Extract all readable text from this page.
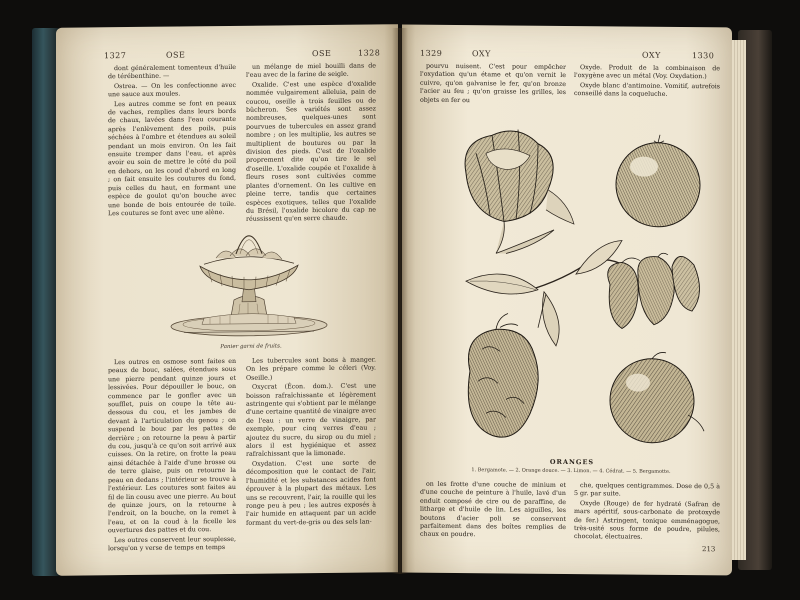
1327	OSE	OSE	1328

dont généralement tomenteux d'huile de térébenthine. —

Ostrea. — On les confectionne avec une sauce aux moules.

Les autres comme se font en peaux de vaches, remplies dans leurs bords de chaux, lavées dans l'eau courante après l'enlèvement des poils, puis séchées à l'ombre et étendues au soleil pendant un mois environ. On les fait ensuite tremper dans l'eau, et après avoir eu soin de mettre le côté du poil en dehors, on les coud d'abord en long ; on fait ensuite les coutures du fond, puis celles du haut, en formant une espèce de goulot qu'on bouche avec une bonde de bois entourée de toile. Les coutures se font avec une alène.

un mélange de miel bouilli dans de l'eau avec de la farine de seigle.

Oxalide. C'est une espèce d'oxalide nommée vulgairement alleluia, pain de coucou, oseille à trois feuilles ou de bûcheron. Ses variétés sont assez nombreuses, quelques-unes sont pourvues de tubercules en assez grand nombre ; on les multiplie, les autres se multiplient de boutures ou par la division des pieds. C'est de l'oxalide proprement dite qu'on tire le sel d'oseille. L'oxalide coupée et l'oxalide à fleurs roses sont cultivées comme plantes d'ornement. On les cultive en pleine terre, tandis que certaines espèces exotiques, telles que l'oxalide du Brésil, l'oxalide bicolore du cap ne réussissent qu'en serre chaude.

Panier garni de fruits.

Les outres en osmose sont faites en peaux de bouc, salées, étendues sous une pierre pendant quinze jours et lessivées. Pour dépouiller le bouc, on commence par le gonfler avec un soufflet, puis on coupe la tête au-dessous du cou, et les jambes de devant à l'articulation du genou ; on suspend le bouc par les pattes de derrière ; on retourne la peau à partir du cou, jusqu'à ce qu'on soit arrivé aux cuisses. On la retire, on frotte la peau ainsi détachée à l'aide d'une brosse ou de terre glaise, puis on retourne la peau en dedans ; l'intérieur se trouve à l'extérieur. Les coutures sont faites au fil de lin cousu avec une pierre. Au bout de quinze jours, on la retourne à l'endroit, on la bouche, on la remet à l'eau, et on la coud à la ficelle les ouvertures des pattes et du cou.

Les outres conservent leur souplesse, lorsqu'on y verse de temps en temps

Les tubercules sont bons à manger. On les prépare comme le céleri (Voy. Oseille.)

Oxycrat (Écon. dom.). C'est une boisson rafraîchissante et légèrement astringente qui s'obtient par le mélange d'une certaine quantité de vinaigre avec de l'eau : un verre de vinaigre, par exemple, pour cinq verres d'eau ; ajoutez du sucre, du sirop ou du miel ; alors il est hygiénique et assez rafraîchissant que la limonade.

Oxydation. C'est une sorte de décomposition que le contact de l'air, l'humidité et les substances acides font éprouver à la plupart des métaux. Les uns se recouvrent, l'air, la rouille qui les ronge peu à peu ; les autres exposés à l'air humide en attaquent par un acide formant du vert-de-gris ou des sels lan-

1329	OXY	OXY	1330

pourvu nuisent. C'est pour empêcher l'oxydation qu'un étame et qu'on vernit le cuivre, qu'on galvanise le fer, qu'on bronze l'acier au feu ; qu'on graisse les grilles, les objets en fer ou

Oxyde. Produit de la combinaison de l'oxygène avec un métal (Voy. Oxydation.)

Oxyde blanc d'antimoine. Vomitif, autrefois conseillé dans la coqueluche.

ORANGES
1. Bergamote. — 2. Orange douce. — 3. Limon. — 4. Cédrat. — 5. Bergamotte.

on les frotte d'une couche de minium et d'une couche de peinture à l'huile, lavé d'un enduit composé de cire ou de paraffine, de litharge et d'huile de lin. Les aiguilles, les boutons d'acier poli se conservent parfaitement dans des boîtes remplies de chaux en poudre.

che, quelques centigrammes. Dose de 0,5 à 5 gr. par suite.

Oxyde (Rouge) de fer hydraté (Safran de mars apéritif, sous-carbonate de protoxyde de fer.) Astringent, tonique emménagogue, très-usité sous forme de poudre, pilules, chocolat, électuaires.

213
